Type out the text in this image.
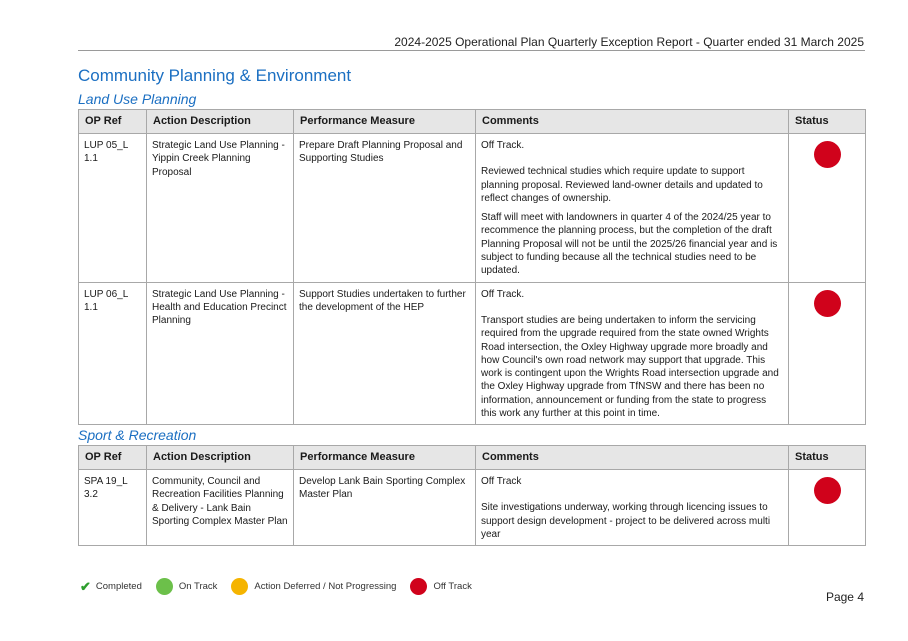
2024-2025 Operational Plan Quarterly Exception Report - Quarter ended 31 March 2025
Community Planning & Environment
Land Use Planning
OP Ref	Action Description	Performance Measure	Comments	Status
LUP 05_L 1.1	Strategic Land Use Planning - Yippin Creek Planning Proposal	Prepare Draft Planning Proposal and Supporting Studies	Off Track.
Reviewed technical studies which require update to support planning proposal. Reviewed land-owner details and updated to reflect changes of ownership.
Staff will meet with landowners in quarter 4 of the 2024/25 year to recommence the planning process, but the completion of the draft Planning Proposal will not be until the 2025/26 financial year and is subject to funding because all the technical studies need to be updated.	

LUP 06_L 1.1	Strategic Land Use Planning - Health and Education Precinct Planning	Support Studies undertaken to further the development of the HEP	Off Track.
Transport studies are being undertaken to inform the servicing required from the upgrade required from the state owned Wrights Road intersection, the Oxley Highway upgrade more broadly and how Council's own road network may support that upgrade. This work is contingent upon the Wrights Road intersection upgrade and the Oxley Highway upgrade from TfNSW and there has been no information, announcement or funding from the state to progress this work any further at this point in time.	

Sport & Recreation
OP Ref	Action Description	Performance Measure	Comments	Status
SPA 19_L 3.2	Community, Council and Recreation Facilities Planning & Delivery - Lank Bain Sporting Complex Master Plan	Develop Lank Bain Sporting Complex Master Plan	Off Track
Site investigations underway, working through licencing issues to support design development - project to be delivered across multi year	

✔ Completed	On Track	Action Deferred / Not Progressing	Off Track
Page 4
